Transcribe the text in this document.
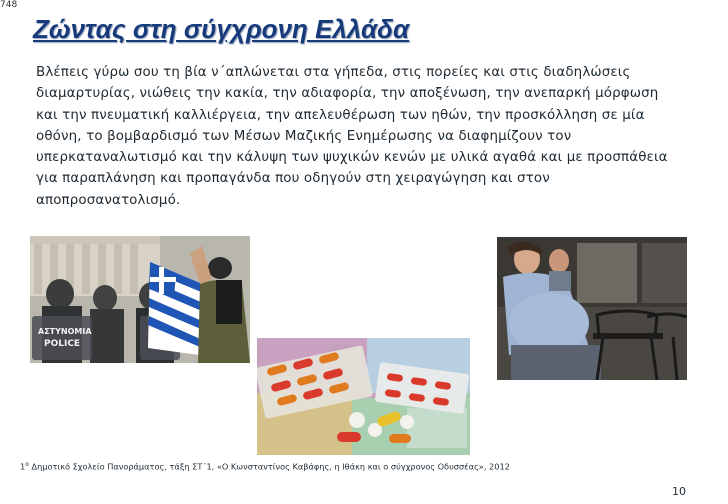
748
Ζώντας στη σύγχρονη Ελλάδα
Βλέπεις γύρω σου τη βία ν΄απλώνεται στα γήπεδα, στις πορείες και στις διαδηλώσεις διαμαρτυρίας, νιώθεις την κακία, την αδιαφορία, την αποξένωση, την ανεπαρκή μόρφωση και την πνευματική καλλιέργεια, την απελευθέρωση των ηθών, την προσκόλληση σε μία οθόνη, το βομβαρδισμό των Μέσων Μαζικής Ενημέρωσης να διαφημίζουν τον υπερκαταναλωτισμό και την κάλυψη των ψυχικών κενών με υλικά αγαθά και με προσπάθεια για παραπλάνηση και προπαγάνδα που οδηγούν στη χειραγώγηση και στον αποπροσανατολισμό.
ΑΣΤΥΝΟΜΙΑ
POLICE
$1^o$ Δημοτικό Σχολείο Πανοράματος, τάξη ΣΤ΄1, «Ο Κωνσταντίνος Καβάφης, η Ιθάκη και ο σύγχρονος Οδυσσέας», 2012
10
